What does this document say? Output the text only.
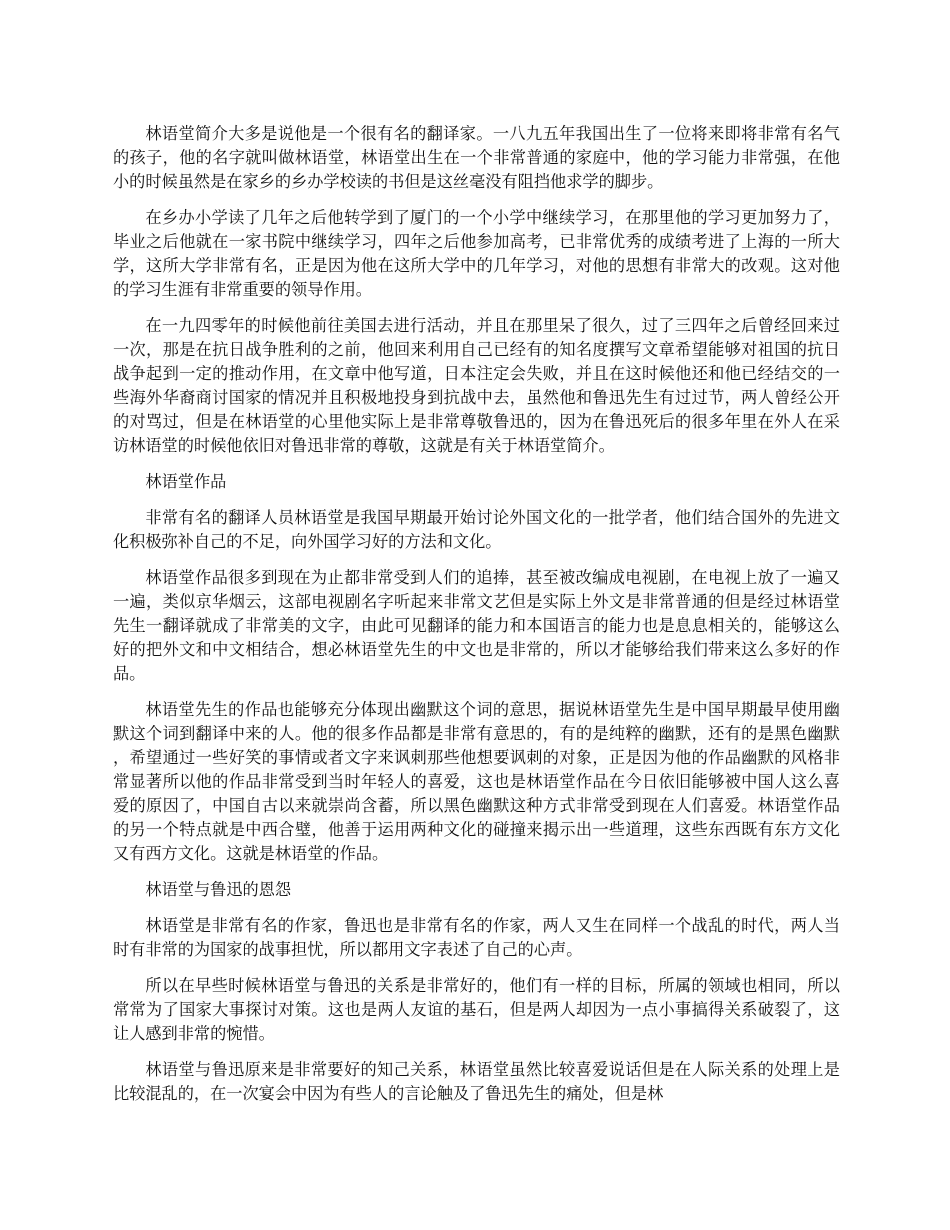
林语堂简介大多是说他是一个很有名的翻译家。一八九五年我国出生了一位将来即将非常有名气的孩子，他的名字就叫做林语堂，林语堂出生在一个非常普通的家庭中，他的学习能力非常强，在他小的时候虽然是在家乡的乡办学校读的书但是这丝毫没有阻挡他求学的脚步。

在乡办小学读了几年之后他转学到了厦门的一个小学中继续学习，在那里他的学习更加努力了，毕业之后他就在一家书院中继续学习，四年之后他参加高考，已非常优秀的成绩考进了上海的一所大学，这所大学非常有名，正是因为他在这所大学中的几年学习，对他的思想有非常大的改观。这对他的学习生涯有非常重要的领导作用。

在一九四零年的时候他前往美国去进行活动，并且在那里呆了很久，过了三四年之后曾经回来过一次，那是在抗日战争胜利的之前，他回来利用自己已经有的知名度撰写文章希望能够对祖国的抗日战争起到一定的推动作用，在文章中他写道，日本注定会失败，并且在这时候他还和他已经结交的一些海外华裔商讨国家的情况并且积极地投身到抗战中去，虽然他和鲁迅先生有过过节，两人曾经公开的对骂过，但是在林语堂的心里他实际上是非常尊敬鲁迅的，因为在鲁迅死后的很多年里在外人在采访林语堂的时候他依旧对鲁迅非常的尊敬，这就是有关于林语堂简介。

林语堂作品

非常有名的翻译人员林语堂是我国早期最开始讨论外国文化的一批学者，他们结合国外的先进文化积极弥补自己的不足，向外国学习好的方法和文化。

林语堂作品很多到现在为止都非常受到人们的追捧，甚至被改编成电视剧，在电视上放了一遍又一遍，类似京华烟云，这部电视剧名字听起来非常文艺但是实际上外文是非常普通的但是经过林语堂先生一翻译就成了非常美的文字，由此可见翻译的能力和本国语言的能力也是息息相关的，能够这么好的把外文和中文相结合，想必林语堂先生的中文也是非常的，所以才能够给我们带来这么多好的作品。

林语堂先生的作品也能够充分体现出幽默这个词的意思，据说林语堂先生是中国早期最早使用幽默这个词到翻译中来的人。他的很多作品都是非常有意思的，有的是纯粹的幽默，还有的是黑色幽默，希望通过一些好笑的事情或者文字来讽刺那些他想要讽刺的对象，正是因为他的作品幽默的风格非常显著所以他的作品非常受到当时年轻人的喜爱，这也是林语堂作品在今日依旧能够被中国人这么喜爱的原因了，中国自古以来就崇尚含蓄，所以黑色幽默这种方式非常受到现在人们喜爱。林语堂作品的另一个特点就是中西合璧，他善于运用两种文化的碰撞来揭示出一些道理，这些东西既有东方文化又有西方文化。这就是林语堂的作品。

林语堂与鲁迅的恩怨

林语堂是非常有名的作家，鲁迅也是非常有名的作家，两人又生在同样一个战乱的时代，两人当时有非常的为国家的战事担忧，所以都用文字表述了自己的心声。

所以在早些时候林语堂与鲁迅的关系是非常好的，他们有一样的目标，所属的领域也相同，所以常常为了国家大事探讨对策。这也是两人友谊的基石，但是两人却因为一点小事搞得关系破裂了，这让人感到非常的惋惜。

林语堂与鲁迅原来是非常要好的知己关系，林语堂虽然比较喜爱说话但是在人际关系的处理上是比较混乱的，在一次宴会中因为有些人的言论触及了鲁迅先生的痛处，但是林
